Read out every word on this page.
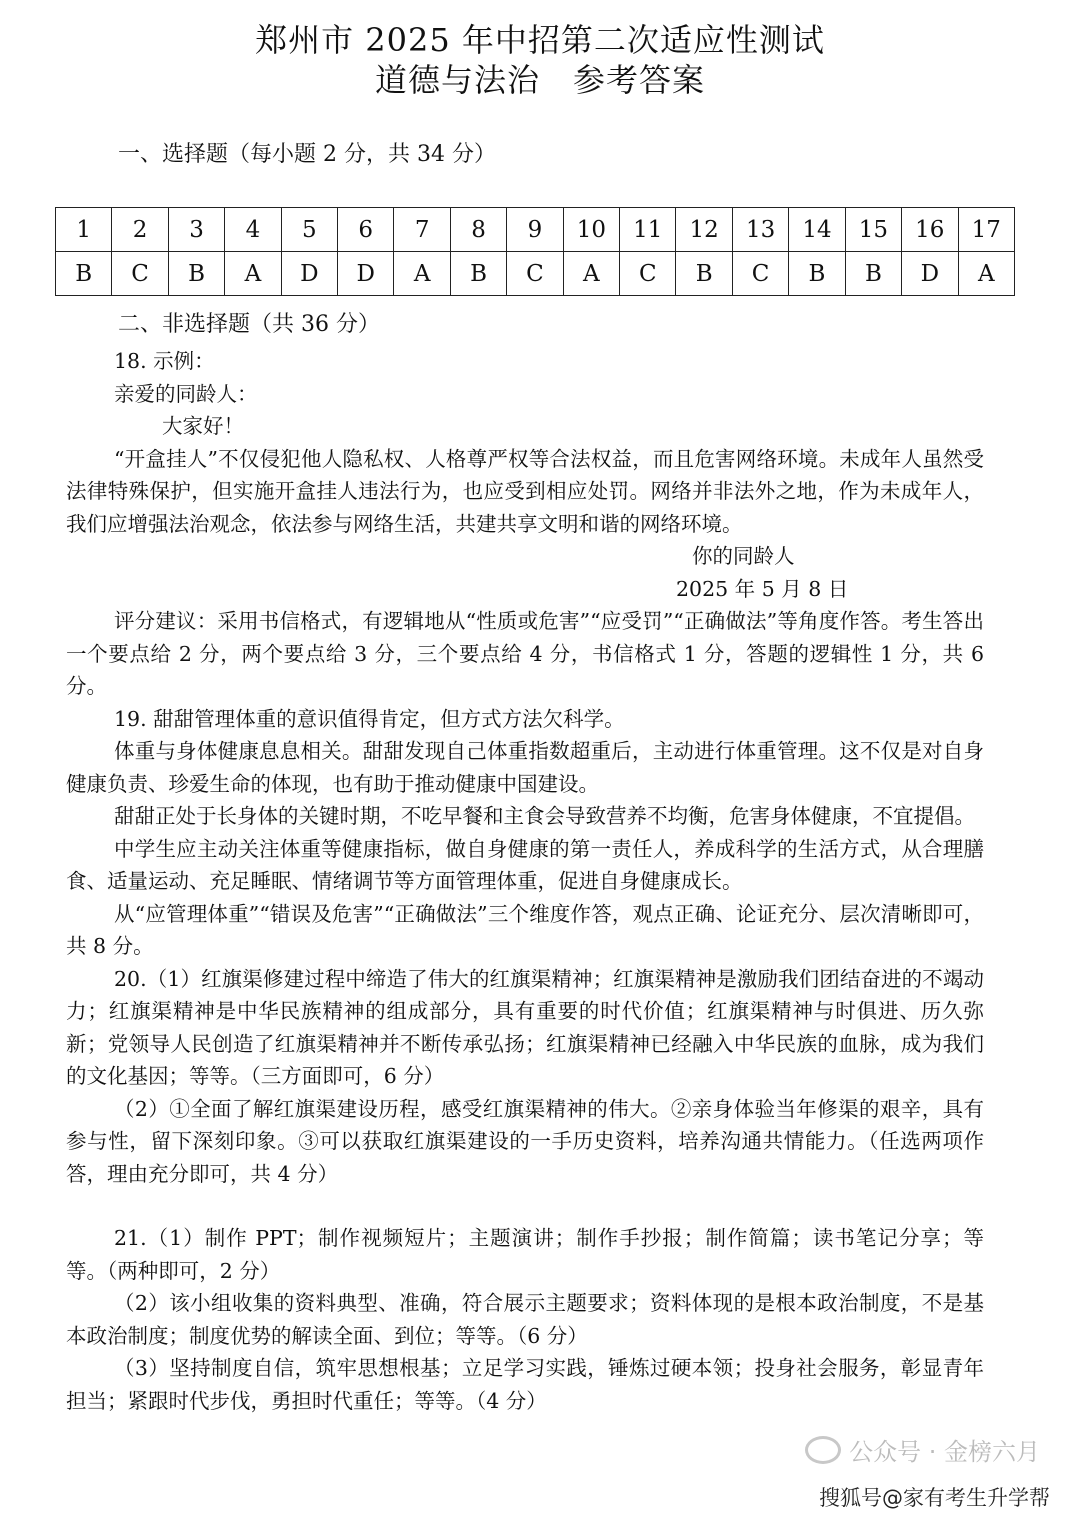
郑州市 2025 年中招第二次适应性测试
道德与法治　参考答案
一、选择题（每小题 2 分，共 34 分）
1	2	3	4	5	6	7	8	9	10	11	12	13	14	15	16	17
B	C	B	A	D	D	A	B	C	A	C	B	C	B	B	D	A
二、非选择题（共 36 分）

18. 示例：

亲爱的同龄人：

大家好！

“开盒挂人”不仅侵犯他人隐私权、人格尊严权等合法权益，而且危害网络环境。未成年人虽然受法律特殊保护，但实施开盒挂人违法行为，也应受到相应处罚。网络并非法外之地，作为未成年人，我们应增强法治观念，依法参与网络生活，共建共享文明和谐的网络环境。

你的同龄人

2025 年 5 月 8 日

评分建议：采用书信格式，有逻辑地从“性质或危害”“应受罚”“正确做法”等角度作答。考生答出一个要点给 2 分，两个要点给 3 分，三个要点给 4 分，书信格式 1 分，答题的逻辑性 1 分，共 6 分。

19. 甜甜管理体重的意识值得肯定，但方式方法欠科学。

体重与身体健康息息相关。甜甜发现自己体重指数超重后，主动进行体重管理。这不仅是对自身健康负责、珍爱生命的体现，也有助于推动健康中国建设。

甜甜正处于长身体的关键时期，不吃早餐和主食会导致营养不均衡，危害身体健康，不宜提倡。

中学生应主动关注体重等健康指标，做自身健康的第一责任人，养成科学的生活方式，从合理膳食、适量运动、充足睡眠、情绪调节等方面管理体重，促进自身健康成长。

从“应管理体重”“错误及危害”“正确做法”三个维度作答，观点正确、论证充分、层次清晰即可，共 8 分。

20.（1）红旗渠修建过程中缔造了伟大的红旗渠精神；红旗渠精神是激励我们团结奋进的不竭动力；红旗渠精神是中华民族精神的组成部分，具有重要的时代价值；红旗渠精神与时俱进、历久弥新；党领导人民创造了红旗渠精神并不断传承弘扬；红旗渠精神已经融入中华民族的血脉，成为我们的文化基因；等等。（三方面即可，6 分）

（2）①全面了解红旗渠建设历程，感受红旗渠精神的伟大。②亲身体验当年修渠的艰辛，具有参与性，留下深刻印象。③可以获取红旗渠建设的一手历史资料，培养沟通共情能力。（任选两项作答，理由充分即可，共 4 分）

21.（1）制作 PPT；制作视频短片；主题演讲；制作手抄报；制作简篇；读书笔记分享；等等。（两种即可，2 分）

（2）该小组收集的资料典型、准确，符合展示主题要求；资料体现的是根本政治制度，不是基本政治制度；制度优势的解读全面、到位；等等。（6 分）

（3）坚持制度自信，筑牢思想根基；立足学习实践，锤炼过硬本领；投身社会服务，彰显青年担当；紧跟时代步伐，勇担时代重任；等等。（4 分）

公众号 · 金榜六月
搜狐号@家有考生升学帮
